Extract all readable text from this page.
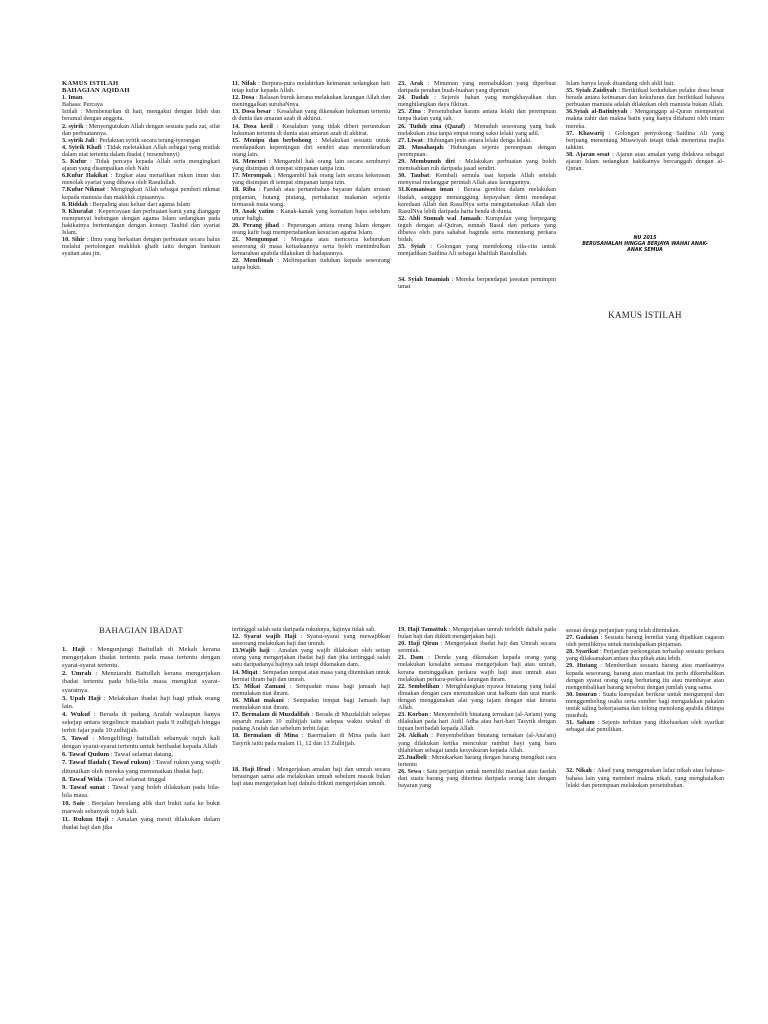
KAMUS ISTILAH

BAHAGIAN AQIDAH

1. Iman.
Bahasa: Percaya
Istilah : Membenarkan di hati, mengakui dengan lidah dan beramal dengan anggota.

2. syirik : Menyengutukan Allah dengan sesuatu pada zat, sifat dan perbuatannya.

3. syirik Jali : Perlakuan syirik secara terang-tyerangan

4. Syirik Khafi : Tidak meletakkan Allah sebagai yang mutlak dalam niat tertentu dalam ibadat ( tersembunyi)

5. Kufur : Tidak percaya kepada Allah serta mengingkari ajaran yang disampaikan oleh Nabi

6.Kufur Hakikat : Engkar atau menafikan rukun iman dan menolak syariat yang dibawa oleh Rasulullah.

7.Kufur Nikmat : Mengingkari Allah sebagai pemberi nikmat kepada manusia dan makhluk ciptaannya.

8. Riddah : Berpaling atau keluar dari agama Islam

9. Khurafat : Kepercayaan dan perbuatan karut yang dianggap mempunyai hubungan dengan agama Islam sedangkan pada hakikatnya bertentangan dengan konsep Tauhid dan syariat Islam.

10. Sihir : Ilmu yang berkaitan dengan perbuatan secara halus melalui pertolongan makhluk ghaib iaitu dengan bantuan syaitan atau jin.

11. Nifak : Berpura-pura melahirkan keimanan sedangkan hati tetap kufur kepada Allah.

12. Dosa : Balasan buruk kerana melakukan larangan Allah dan meninggalkan suruhaNnya.

13. Dosa besar : Kesalahan yang dikenakan hukuman tertentu di dunia dan amaran azab di akhirat.

14. Dosa kecil : Kesalahan yang tidak diberi peruntukan hukuman tertentu di dunia atau amaran azab di akhirat.

15. Menipu dan berbohong : Melakukan sesuatu untuk mendapatkan kepentingan diri sendiri atau memudaratkan orang lain.

16. Mencuri : Mengambil hak orang lain secara sembunyi yang disimpan di tempat simpanan tanpa izin.

17. Merompak : Mengambil hak orang lain secara kekerasan yang disimpan di tempat simpanan tanpa izin.

18. Riba : Faedah atau pertambahan bayaran dalam urusan pinjaman, hutang piutang, pertukaran makanan sejenis termasuk mata wang.

19. Anak yatim : Kanak-kanak yang kematian bapa sebelum umur baligh.

20. Perang jihad : Peperangan antara orang Islam dengan orang kafir bagi mempertahankan kesucian agama Islam.

21. Mengumpat : Mengata atau mencerca keburukan seseorang di masa ketiadaannya serta boleh menimbulkan kemarahan apabila dilakukan di hadapannya.

22. Memfitnah : Melimparkan tuduhan kepada seseorang tanpa bukti.

23. Arak : Minuman yang memabukkan yang diperbuat daripada perahan buah-buahan yang diperam

24. Dadah : Sejenis bahan yang mengkhayalkan dan menghilangkan daya fikiran.

25. Zina : Persetubuhan haram antara lelaki dan perempuan tanpa ikatan yang sah.

26. Tuduh zina (Qazaf) : Menuduh seseorang yang baik melakukan zina tanpa empat orang saksi lelaki yang adil.

27. Liwat : Hubungan jenis antara lelaki denga lelaki.

28. Musahaqah: Hubungan sejenis perempuan dengan perempuan.

29. Membunuh diri : Melakukan perbuatan yang boleh memisahkan ruh daripada jasad sendiri.

30. Taubat: Kembali semula taat kepada Allah setelah menyesal melanggar perintah Allah atau larangannya.

31.Kemanisan iman : Berasa gembira dalam melakukan ibadah, sanggup menanggung kepayahan demi mendapat keredaan Allah dan RasulNya serta mengutamakan Allah dan RasulNya lebih daripada harta benda di dunia.

32. Ahli Sunnah wal Jamaah: Kumpulan yang berpegang teguh dengan al-Quiran, sunnah Rasul dan perkara yang dibawa oleh para sahabat baginda serta menentang perkara bidah.

33. Syiah : Golongan yang mendokong cita-cita untuk menjadikan Saidina Ali sebagai khalifah Rasulullah.

34. Syiah Imamiah : Mereka berpendapat jawatan pemimpin umat

Islam hanya layak disandang oleh ahlil bait.

35. Syiah Zaidiyah : Beriktikad kedudukan pelaku dosa besar berada antara keimanan dan kekufuran dan beriktikad bahawa perbuatan manusia adalah dilakukan oleh manusia bukan Allah.

36.Syiah al-Batiniyyah : Menganggap al-Quran mempunyai makna zahir dan makna batin yang hanya difahami oleh imam mereka.

37. Khawarij : Golongan penyokong Saidina Ali yang berjuang menentang Muawiyah tetapi tidak menerima majlis tahkim.

38. Ajaran sesat : Ajaran atau amalan yang didakwa sebagai ajaran Islam sedangkan hakikatnya bercanggah dengan al-Quran .

NU 2015
BERUSAHALAH HINGGA BERJAYA WAHAI ANAK-
ANAK SEMUA
KAMUS ISTILAH

BAHAGIAN IBADAT

1. Haji : Mengunjungi Baitullah di Mekah kerana mengerjakan ibadat tertentu pada masa tertentu dengan syarat-syarat tertentu.

2. Umrah : Menziarahi Baitullah kerana mengerjakan ibadat tertentu pada bila-bila masa mengikut syarat-syaratnya.

3. Upah Haji : Melakukan ibadat haji bagi pihak orang lain.

4. Wukuf : Berada di padang Arafah walaupun hanya sekejap antara tergelincir matahari pada 9 zulhijjah hingga terbit fajar pada 10 zulhijjah.

5. Tawaf : Mengelilingi baitullah sebanyak tujuh kali dengan syarat-syarat tertentu untuk beribadat kepada Allah

6. Tawaf Qudum : Tawaf selamat datang.

7. Tawaf Ifadah ( Tawaf rukun) : Tawaf rukun yang wajib ditunaikan oleh mereka yang menunaikan ibadat haji.

8. Tawaf Wida : Tawaf selamat tinggal

9. Tawaf sunat : Tawaf yang boleh dilakukan pada bila-bila masa.

10. Saie : Berjalan berulang alik dari bukit safa ke bukit marwah sebanyak tujuh kali.

11. Rukun Haji : Amalan yang mesti dilakukan dalam ibadat haji dan jika

tertinggal salah satu daripada rukunnya, hajinya tidak sah.

12. Syarat wajib Haji : Syarat-syarat yang mewajibkan seseorang melakukan haji dan umrah.

13.Wajib haji : Amalan yang wajib dilakukan oleh setiap orang yang mengerjakan ibadat haji dan jika tertinggal salah satu daripadanya hajinya sah tetapi dikenakan dam..

14. Miqat : Sempadan tempat atau masa yang ditentukan untuk berniat ihram haji dan umrah.

15. Mikat Zamani : Sempadan masa bagi jamaah haji memulakan niat ihram.

16. Mikat makani : Sempadan tempat bagi Jamaah haji memulakan niat ihram.

17. Bermalam di Muzdalifah : Berada di Muzdalifah selepas separuh malam 10 zulhijjah iaitu selepas waktu wukuf di padang Arafah dan sebelum terbit fajar.

18. Bermalam di Mina : Baermalam di Mina pada hari Tasyrik iaitu pada malam 11, 12 dan 13 Zulhijjah.

18. Haji Ifrad : Mengerjakan amalan haji dan umrah secara berasingan sama ada melakukan umrah sebelum masuk bulan haji atau mengerjakan haji dahulu diikuti mengerjakan umrah.

19. Haji Tamattuk : Mengerjakan umrah terlebih dahulu pada bulan haji dan diikuti mengerjakan haji.

20. Haji Qiran : Mengerjakan ibadat haji dan Umrah secara serentak.

21. Dam : Denda yang dikenakan kepada orang yang melakukan kesalahn semasa mengerjakan haji atau umrah, kerana meninggalkan perkara wajib haji atau umrah atau melakukan perkara-perkara larangan ihram.

22. Sembelihan : Menghilangkan nyawa binatang yang halal dimakan dengan cara memutuskan urat halkum dan urat marik dengan menggunakan alat yang tajam dengan niat kerana Allah.

23. Korban : Menyembelih binatang ternakan (al-An'am) yang dilakukan pada hari Aidil Adha atau hari-hari Tasyrik dengan tujuan beribadah kepada Allah.

24. Akikah : Penyembelihan binatang ternakan (al-Ana'am) yang dilakukan ketika mencukur rambut bayi yang baru dilahirkan sebagai tanda kesyukuran kepada Allah.

25.Jualbeli : Menukarkan barang dengan barang mengikut cara tertentu

26. Sewa : Satu perjanjian untuk memiliki manfaat atau faedah dari suatu barang yang diterima daripada orang lain dengan bayaran yang

sesuai denga perjanjian yang telah ditentukan.

27. Gadaian : Sesuatu barang bernilai yang dijadikan cagaran oleh pemiliknya untuk mendapatkan pinjaman.

28. Syarikat : Perjanjian perkongsian terhadap sesuatu perkara yang dilaksanakan antara dua pihak atau lebih.

29. Hutang : Memberikan sesuatu barang atau manfaatnya kepada seseorang, barang atau manfaat itu perlu dikembalikan dengan syarat orang yang berhutang itu atau membayar atau mengembalikan barang tersebut dengan jumlah yang sama.

30. Insuran : Suatu kumpulan berikrar untuk mengumpul dan menggembeling usaha serta sumber bagi mengadakan pakatan untuk saling bekerjasama dan tolong menolong apabila ditimpa musibah.

31. Saham : Sejenis terbitan yang dikeluarkan oleh syarikat sebagai alat pemilikan.

32. Nikah : Akad yang menggunakan lafaz nikah atau bahasa-bahasa lain yang memberi makna nikah, yang menghalalkan lelaki dan perempuan melakukan persetubuhan.
